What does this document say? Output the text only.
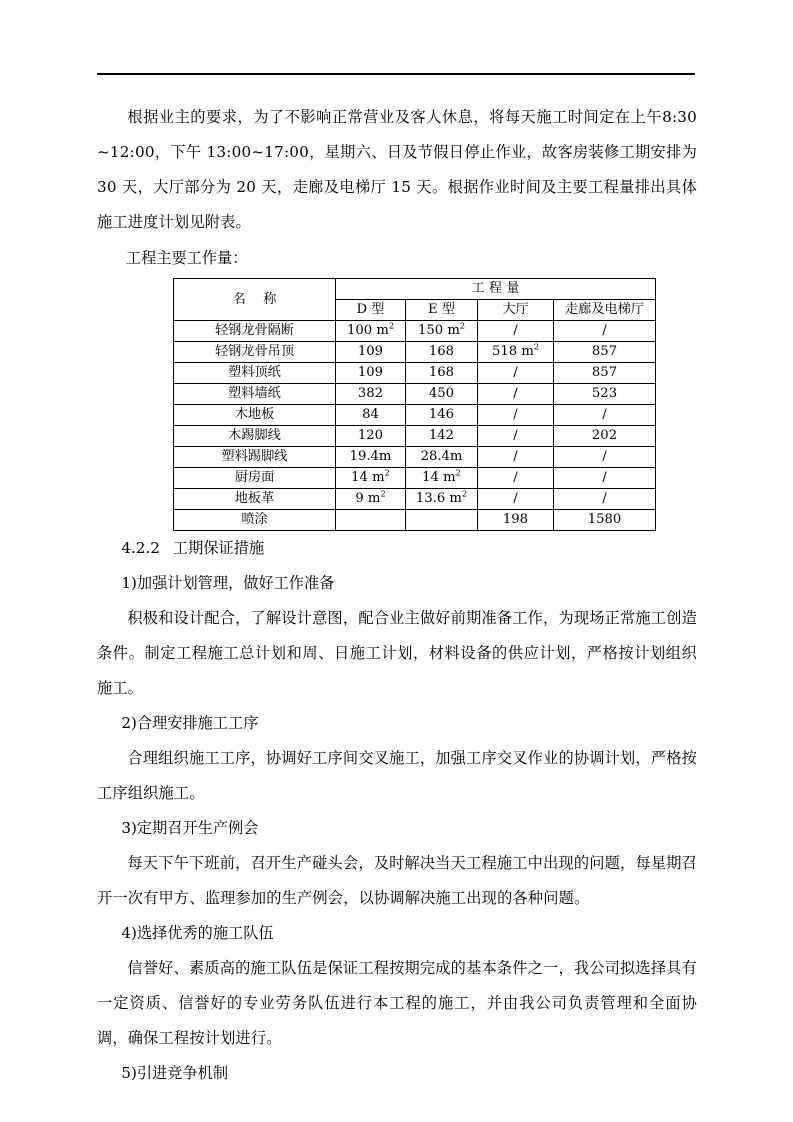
根据业主的要求，为了不影响正常营业及客人休息，将每天施工时间定在上午8:30~12:00，下午 13:00~17:00，星期六、日及节假日停止作业，故客房装修工期安排为 30 天，大厅部分为 20 天，走廊及电梯厅 15 天。根据作业时间及主要工程量排出具体施工进度计划见附表。

工程主要工作量：

名 称	工 程 量			
	D 型	E 型	大厅	走廊及电梯厅
轻钢龙骨隔断	100 $m^2$	150 $m^2$	/	/
轻钢龙骨吊顶	109	168	518 $m^2$	857
塑料顶纸	109	168	/	857
塑料墙纸	382	450	/	523
木地板	84	146	/	/
木踢脚线	120	142	/	202
塑料踢脚线	19.4m	28.4m	/	/
厨房面	14 $m^2$	14 $m^2$	/	/
地板革	9 $m^2$	13.6 $m^2$	/	/
喷涂			198	1580

4.2.2 工期保证措施

1)加强计划管理，做好工作准备

积极和设计配合，了解设计意图，配合业主做好前期准备工作，为现场正常施工创造条件。制定工程施工总计划和周、日施工计划，材料设备的供应计划，严格按计划组织施工。

2)合理安排施工工序

合理组织施工工序，协调好工序间交叉施工，加强工序交叉作业的协调计划，严格按工序组织施工。

3)定期召开生产例会

每天下午下班前，召开生产碰头会，及时解决当天工程施工中出现的问题，每星期召开一次有甲方、监理参加的生产例会，以协调解决施工出现的各种问题。

4)选择优秀的施工队伍

信誉好、素质高的施工队伍是保证工程按期完成的基本条件之一，我公司拟选择具有一定资质、信誉好的专业劳务队伍进行本工程的施工，并由我公司负责管理和全面协调，确保工程按计划进行。

5)引进竞争机制
